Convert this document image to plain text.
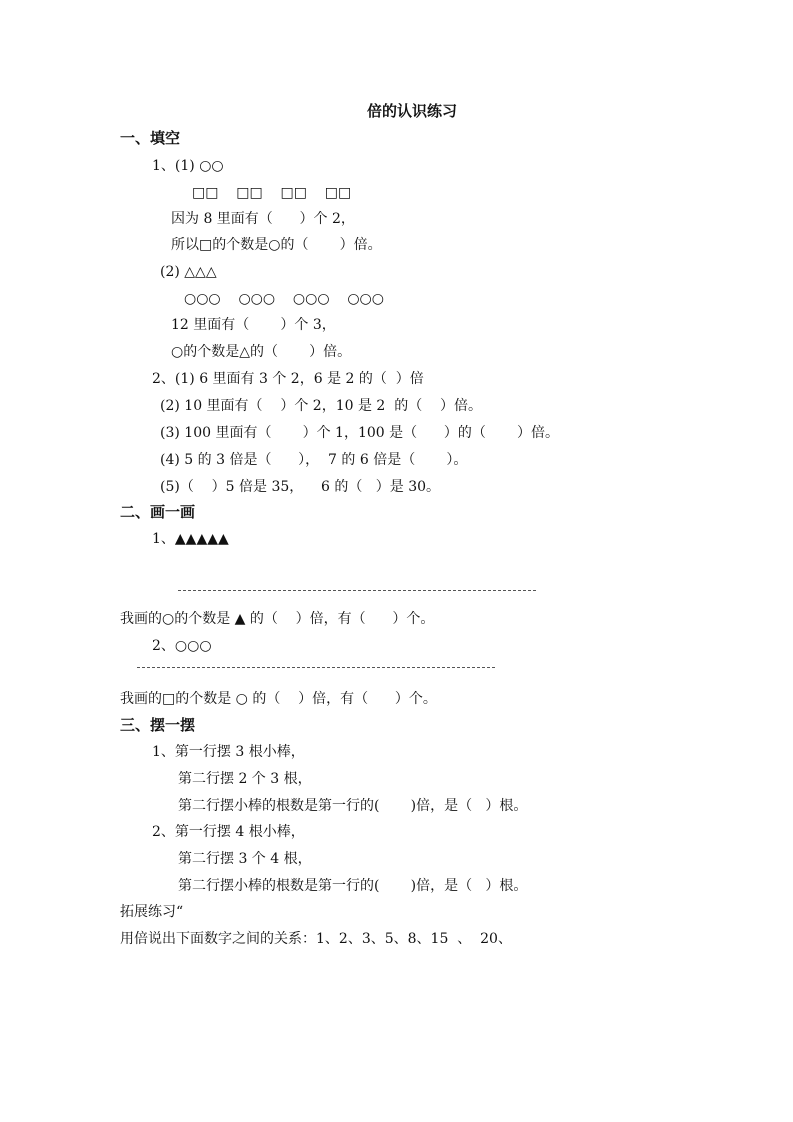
倍的认识练习
一、填空
1、(1) ○○
□□    □□    □□    □□
因为 8 里面有（      ）个 2，
所以□的个数是○的（       ）倍。
(2) △△△
○○○    ○○○    ○○○    ○○○
12 里面有（       ）个 3，
○的个数是△的（       ）倍。
2、(1) 6 里面有 3 个 2，6 是 2 的（  ）倍
(2) 10 里面有（    ）个 2，10 是 2  的（    ）倍。
(3) 100 里面有（       ）个 1，100 是（      ）的（       ）倍。
(4) 5 的 3 倍是（      ），  7 的 6 倍是（       ）。
(5)（    ）5 倍是 35，    6 的（   ）是 30。
二、画一画
1、▲▲▲▲▲
我画的○的个数是 ▲ 的（    ）倍，有（      ）个。
2、○○○
我画的□的个数是 ○ 的（    ）倍，有（      ）个。
三、摆一摆
1、第一行摆 3 根小棒，
第二行摆 2 个 3 根，
第二行摆小棒的根数是第一行的(       )倍，是（   ）根。
2、第一行摆 4 根小棒，
第二行摆 3 个 4 根，
第二行摆小棒的根数是第一行的(       )倍，是（   ）根。
拓展练习“
用倍说出下面数字之间的关系：1、2、3、5、8、15  、  20、
